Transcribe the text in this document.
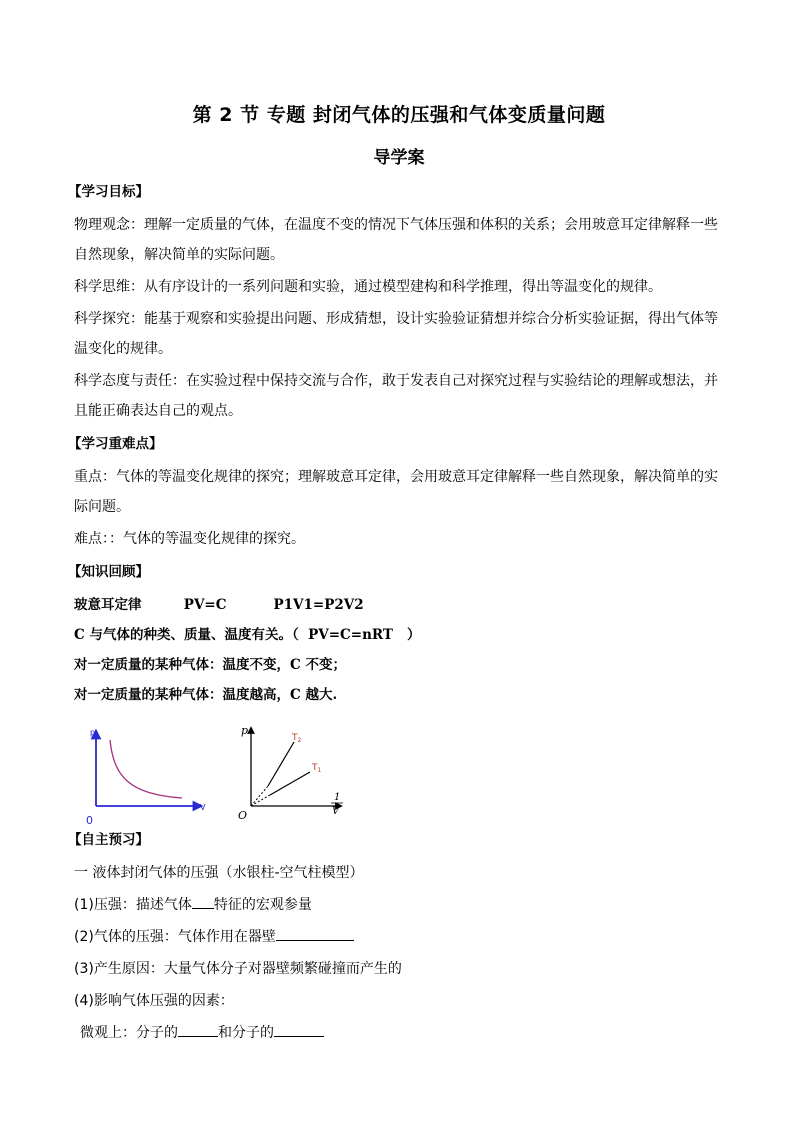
第 2 节 专题 封闭气体的压强和气体变质量问题
导学案
【学习目标】
物理观念：理解一定质量的气体，在温度不变的情况下气体压强和体积的关系；会用玻意耳定律解释一些自然现象，解决简单的实际问题。
科学思维：从有序设计的一系列问题和实验，通过模型建构和科学推理，得出等温变化的规律。
科学探究：能基于观察和实验提出问题、形成猜想，设计实验验证猜想并综合分析实验证据，得出气体等温变化的规律。
科学态度与责任：在实验过程中保持交流与合作，敢于发表自己对探究过程与实验结论的理解或想法，并且能正确表达自己的观点。
【学习重难点】
重点：气体的等温变化规律的探究；理解玻意耳定律，会用玻意耳定律解释一些自然现象，解决简单的实际问题。
难点：：气体的等温变化规律的探究。
【知识回顾】
玻意耳定律         PV=C          P1V1=P2V2
C 与气体的种类、质量、温度有关。（  PV=C=nRT   ）
对一定质量的某种气体：温度不变，C 不变；
对一定质量的某种气体：温度越高，C 越大.
p
V
0
p
O
$T_2$
$T_1$
1
V
【自主预习】
一 液体封闭气体的压强（水银柱-空气柱模型）
(1)压强：描述气体 特征的宏观参量
(2)气体的压强：气体作用在器壁
(3)产生原因：大量气体分子对器壁频繁碰撞而产生的
(4)影响气体压强的因素：
微观上：分子的	和分子的
